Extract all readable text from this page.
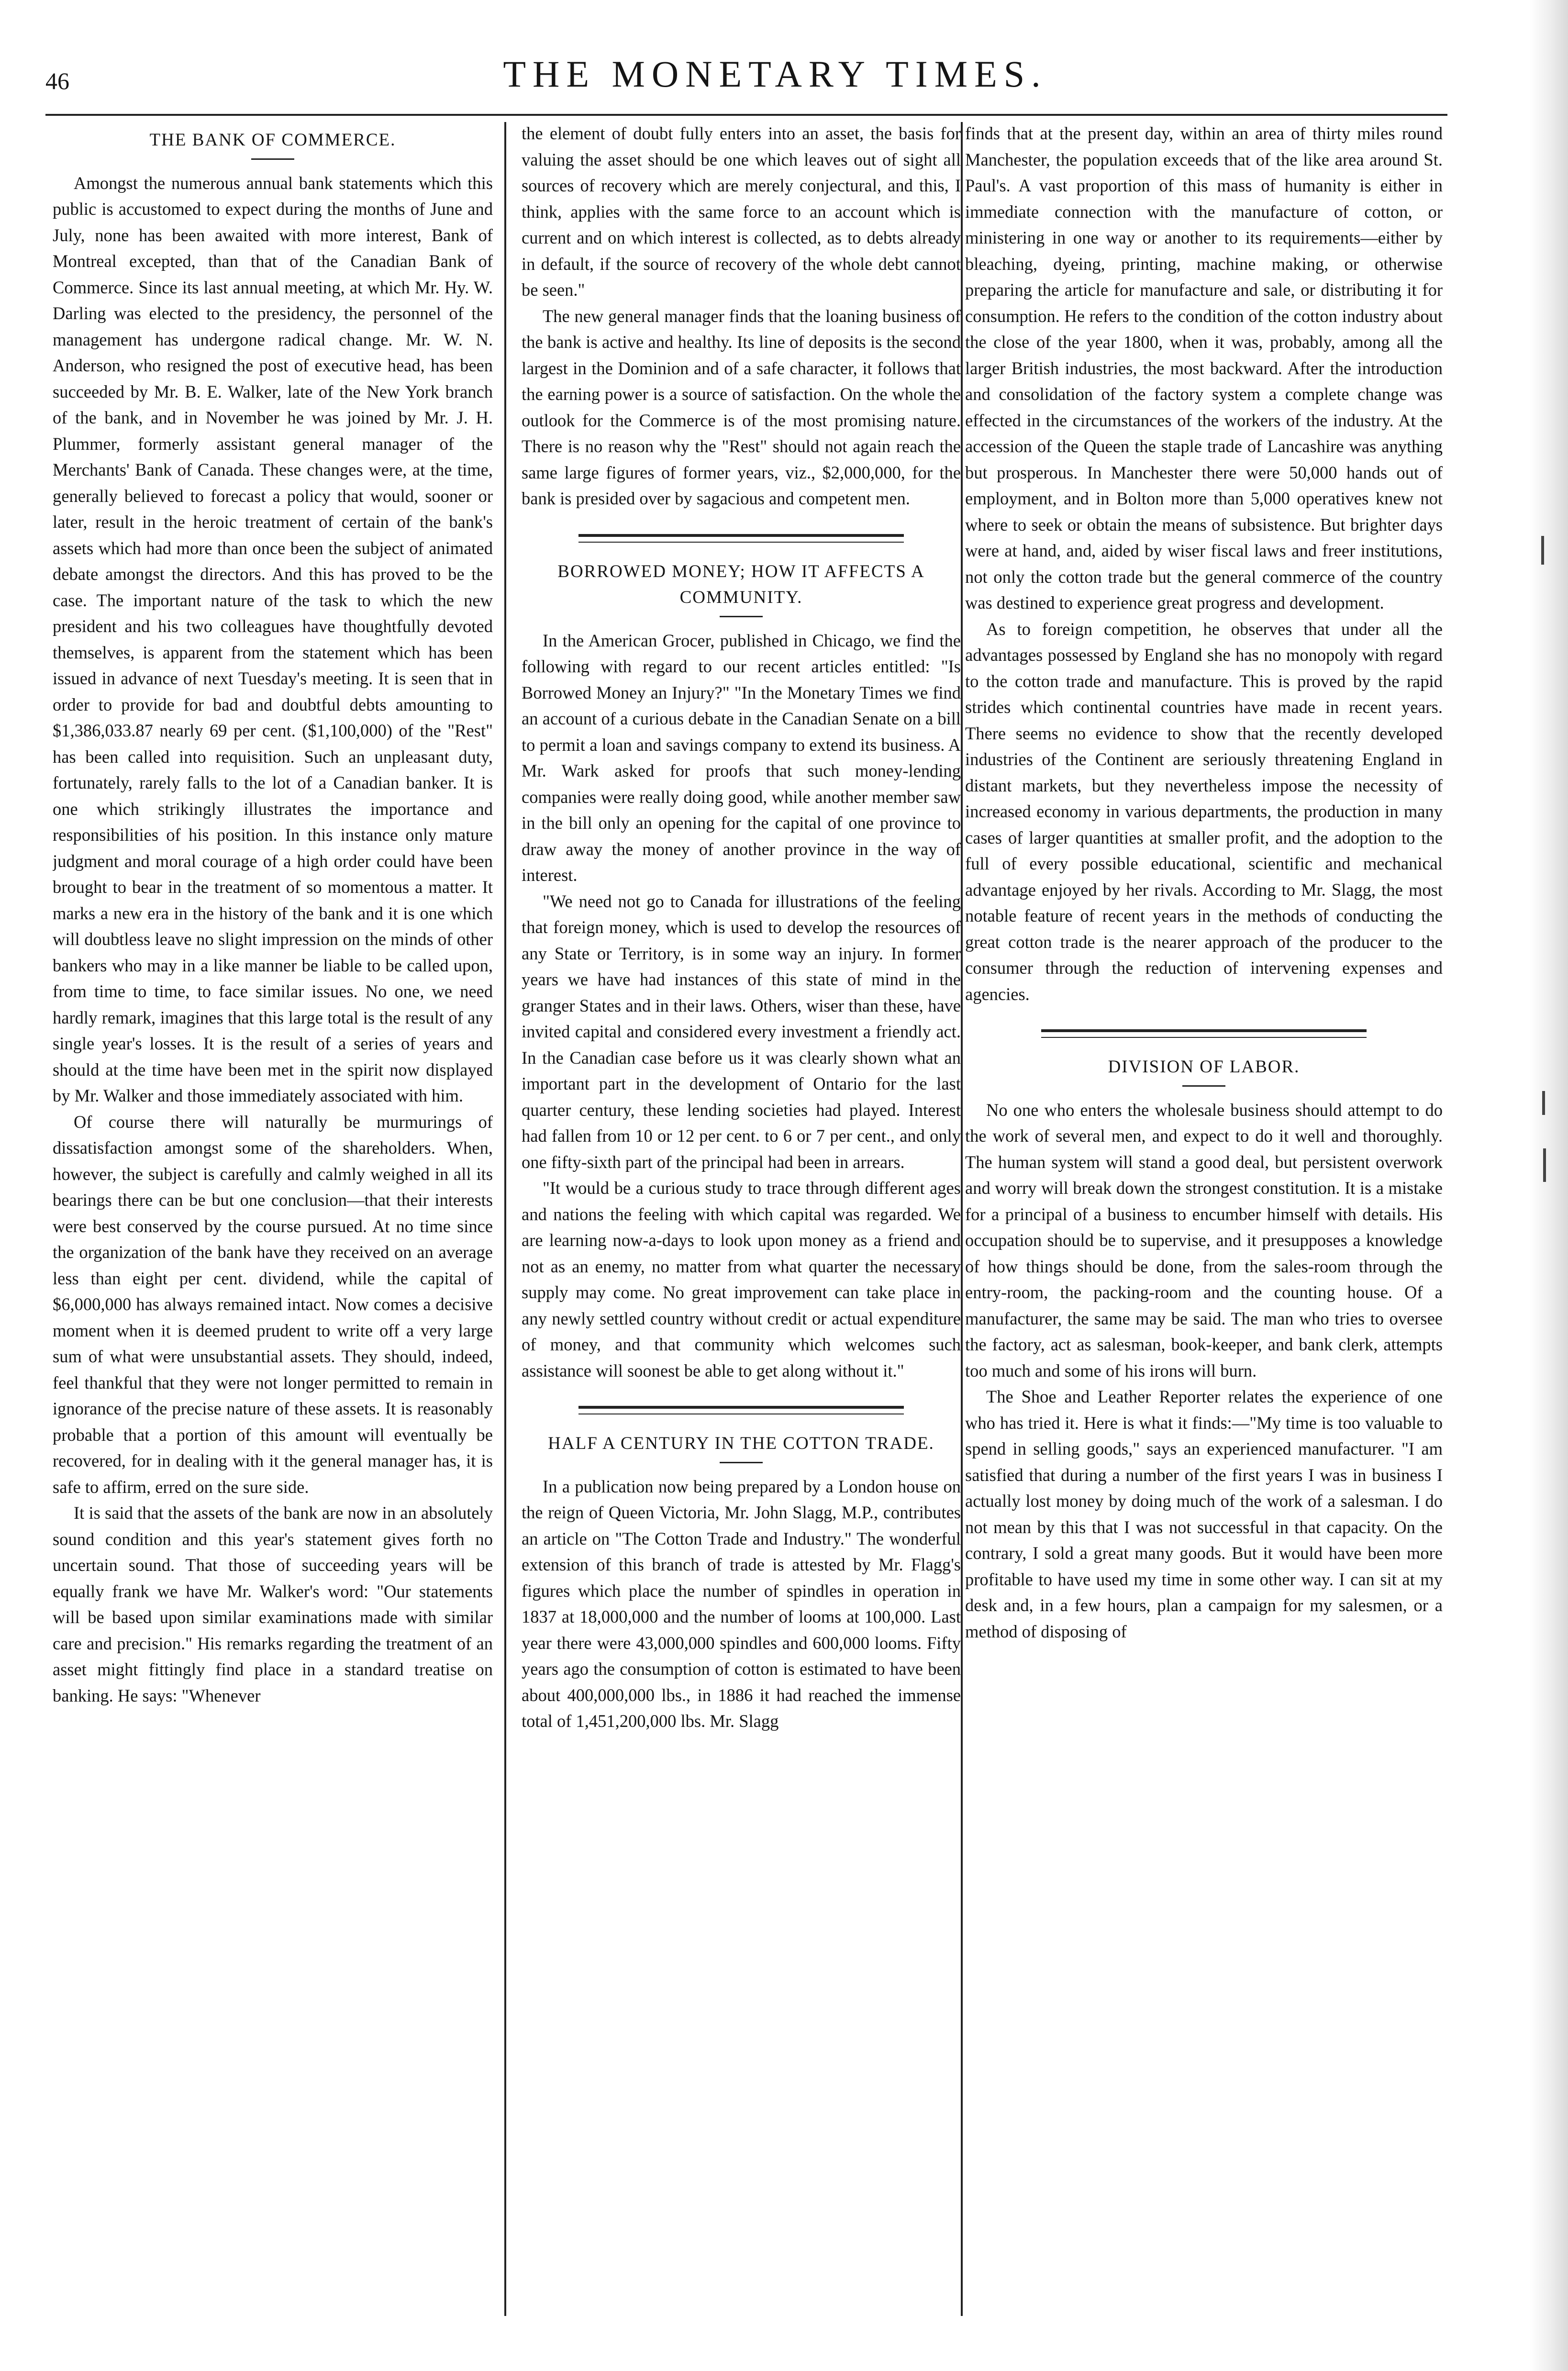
46	THE MONETARY TIMES.
THE BANK OF COMMERCE.

Amongst the numerous annual bank statements which this public is accustomed to expect during the months of June and July, none has been awaited with more interest, Bank of Montreal excepted, than that of the Canadian Bank of Commerce. Since its last annual meeting, at which Mr. Hy. W. Darling was elected to the presidency, the personnel of the management has undergone radical change. Mr. W. N. Anderson, who resigned the post of executive head, has been succeeded by Mr. B. E. Walker, late of the New York branch of the bank, and in November he was joined by Mr. J. H. Plummer, formerly assistant general manager of the Merchants' Bank of Canada. These changes were, at the time, generally believed to forecast a policy that would, sooner or later, result in the heroic treatment of certain of the bank's assets which had more than once been the subject of animated debate amongst the directors. And this has proved to be the case. The important nature of the task to which the new president and his two colleagues have thoughtfully devoted themselves, is apparent from the statement which has been issued in advance of next Tuesday's meeting. It is seen that in order to provide for bad and doubtful debts amounting to $1,386,033.87 nearly 69 per cent. ($1,100,000) of the "Rest" has been called into requisition. Such an unpleasant duty, fortunately, rarely falls to the lot of a Canadian banker. It is one which strikingly illustrates the importance and responsibilities of his position. In this instance only mature judgment and moral courage of a high order could have been brought to bear in the treatment of so momentous a matter. It marks a new era in the history of the bank and it is one which will doubtless leave no slight impression on the minds of other bankers who may in a like manner be liable to be called upon, from time to time, to face similar issues. No one, we need hardly remark, imagines that this large total is the result of any single year's losses. It is the result of a series of years and should at the time have been met in the spirit now displayed by Mr. Walker and those immediately associated with him.

Of course there will naturally be murmurings of dissatisfaction amongst some of the shareholders. When, however, the subject is carefully and calmly weighed in all its bearings there can be but one conclusion—that their interests were best conserved by the course pursued. At no time since the organization of the bank have they received on an average less than eight per cent. dividend, while the capital of $6,000,000 has always remained intact. Now comes a decisive moment when it is deemed prudent to write off a very large sum of what were unsubstantial assets. They should, indeed, feel thankful that they were not longer permitted to remain in ignorance of the precise nature of these assets. It is reasonably probable that a portion of this amount will eventually be recovered, for in dealing with it the general manager has, it is safe to affirm, erred on the sure side.

It is said that the assets of the bank are now in an absolutely sound condition and this year's statement gives forth no uncertain sound. That those of succeeding years will be equally frank we have Mr. Walker's word: "Our statements will be based upon similar examinations made with similar care and precision." His remarks regarding the treatment of an asset might fittingly find place in a standard treatise on banking. He says: "Whenever

the element of doubt fully enters into an asset, the basis for valuing the asset should be one which leaves out of sight all sources of recovery which are merely conjectural, and this, I think, applies with the same force to an account which is current and on which interest is collected, as to debts already in default, if the source of recovery of the whole debt cannot be seen."

The new general manager finds that the loaning business of the bank is active and healthy. Its line of deposits is the second largest in the Dominion and of a safe character, it follows that the earning power is a source of satisfaction. On the whole the outlook for the Commerce is of the most promising nature. There is no reason why the "Rest" should not again reach the same large figures of former years, viz., $2,000,000, for the bank is presided over by sagacious and competent men.

BORROWED MONEY; HOW IT AFFECTS A COMMUNITY.

In the American Grocer, published in Chicago, we find the following with regard to our recent articles entitled: "Is Borrowed Money an Injury?" "In the Monetary Times we find an account of a curious debate in the Canadian Senate on a bill to permit a loan and savings company to extend its business. A Mr. Wark asked for proofs that such money-lending companies were really doing good, while another member saw in the bill only an opening for the capital of one province to draw away the money of another province in the way of interest.

"We need not go to Canada for illustrations of the feeling that foreign money, which is used to develop the resources of any State or Territory, is in some way an injury. In former years we have had instances of this state of mind in the granger States and in their laws. Others, wiser than these, have invited capital and considered every investment a friendly act. In the Canadian case before us it was clearly shown what an important part in the development of Ontario for the last quarter century, these lending societies had played. Interest had fallen from 10 or 12 per cent. to 6 or 7 per cent., and only one fifty-sixth part of the principal had been in arrears.

"It would be a curious study to trace through different ages and nations the feeling with which capital was regarded. We are learning now-a-days to look upon money as a friend and not as an enemy, no matter from what quarter the necessary supply may come. No great improvement can take place in any newly settled country without credit or actual expenditure of money, and that community which welcomes such assistance will soonest be able to get along without it."

HALF A CENTURY IN THE COTTON TRADE.

In a publication now being prepared by a London house on the reign of Queen Victoria, Mr. John Slagg, M.P., contributes an article on "The Cotton Trade and Industry." The wonderful extension of this branch of trade is attested by Mr. Flagg's figures which place the number of spindles in operation in 1837 at 18,000,000 and the number of looms at 100,000. Last year there were 43,000,000 spindles and 600,000 looms. Fifty years ago the consumption of cotton is estimated to have been about 400,000,000 lbs., in 1886 it had reached the immense total of 1,451,200,000 lbs. Mr. Slagg

finds that at the present day, within an area of thirty miles round Manchester, the population exceeds that of the like area around St. Paul's. A vast proportion of this mass of humanity is either in immediate connection with the manufacture of cotton, or ministering in one way or another to its requirements—either by bleaching, dyeing, printing, machine making, or otherwise preparing the article for manufacture and sale, or distributing it for consumption. He refers to the condition of the cotton industry about the close of the year 1800, when it was, probably, among all the larger British industries, the most backward. After the introduction and consolidation of the factory system a complete change was effected in the circumstances of the workers of the industry. At the accession of the Queen the staple trade of Lancashire was anything but prosperous. In Manchester there were 50,000 hands out of employment, and in Bolton more than 5,000 operatives knew not where to seek or obtain the means of subsistence. But brighter days were at hand, and, aided by wiser fiscal laws and freer institutions, not only the cotton trade but the general commerce of the country was destined to experience great progress and development.

As to foreign competition, he observes that under all the advantages possessed by England she has no monopoly with regard to the cotton trade and manufacture. This is proved by the rapid strides which continental countries have made in recent years. There seems no evidence to show that the recently developed industries of the Continent are seriously threatening England in distant markets, but they nevertheless impose the necessity of increased economy in various departments, the production in many cases of larger quantities at smaller profit, and the adoption to the full of every possible educational, scientific and mechanical advantage enjoyed by her rivals. According to Mr. Slagg, the most notable feature of recent years in the methods of conducting the great cotton trade is the nearer approach of the producer to the consumer through the reduction of intervening expenses and agencies.

DIVISION OF LABOR.

No one who enters the wholesale business should attempt to do the work of several men, and expect to do it well and thoroughly. The human system will stand a good deal, but persistent overwork and worry will break down the strongest constitution. It is a mistake for a principal of a business to encumber himself with details. His occupation should be to supervise, and it presupposes a knowledge of how things should be done, from the sales-room through the entry-room, the packing-room and the counting house. Of a manufacturer, the same may be said. The man who tries to oversee the factory, act as salesman, book-keeper, and bank clerk, attempts too much and some of his irons will burn.

The Shoe and Leather Reporter relates the experience of one who has tried it. Here is what it finds:—"My time is too valuable to spend in selling goods," says an experienced manufacturer. "I am satisfied that during a number of the first years I was in business I actually lost money by doing much of the work of a salesman. I do not mean by this that I was not successful in that capacity. On the contrary, I sold a great many goods. But it would have been more profitable to have used my time in some other way. I can sit at my desk and, in a few hours, plan a campaign for my salesmen, or a method of disposing of
